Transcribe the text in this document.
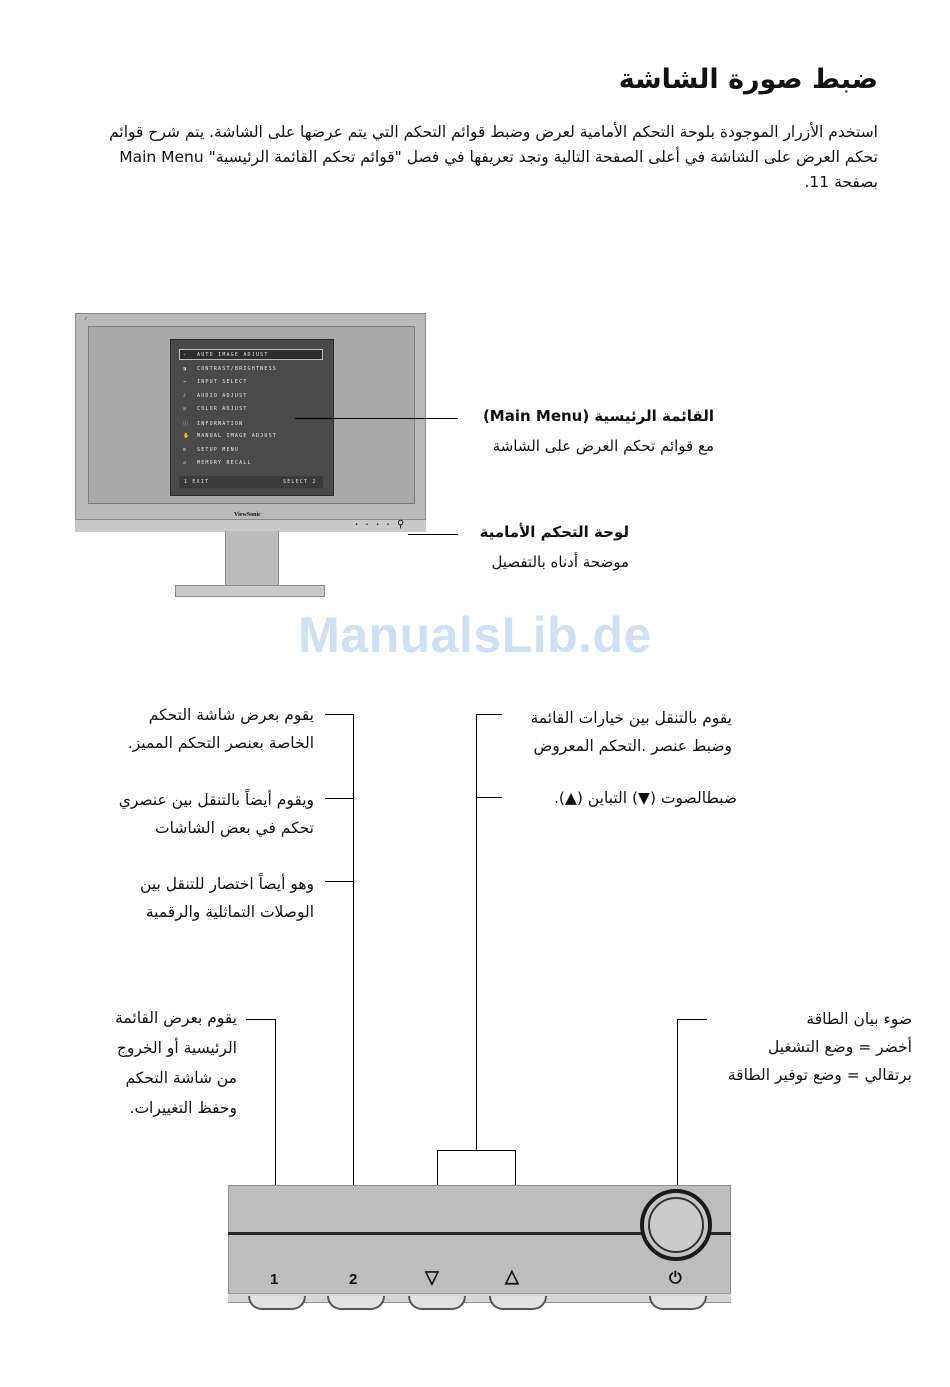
ضبط صورة الشاشة

استخدم الأزرار الموجودة بلوحة التحكم الأمامية لعرض وضبط قوائم التحكم التي يتم عرضها على الشاشة. يتم شرح قوائم

تحكم العرض على الشاشة في أعلى الصفحة التالية وتجد تعريفها في فصل "قوائم تحكم القائمة الرئيسية" Main Menu

بصفحة 11.

✓
✧ AUTO IMAGE ADJUST
◨ CONTRAST/BRIGHTNESS
⇥ INPUT SELECT
♪ AUDIO ADJUST
◎ COLOR ADJUST
ⓘ INFORMATION
✋ MANUAL IMAGE ADJUST
⚙ SETUP MENU
↺ MEMORY RECALL
1 EXIT	SELECT 2
ViewSonic
• • • • ⚲
القائمة الرئيسية (Main Menu)
مع قوائم تحكم العرض على الشاشة
لوحة التحكم الأمامية
موضحة أدناه بالتفصيل
ManualsLib.de
يقوم بالتنقل بين خيارات القائمة
وضبط عنصر .التحكم المعروض
ضبطالصوت (▼) التباين (▲).
يقوم بعرض شاشة التحكم
الخاصة بعنصر التحكم المميز.
ويقوم أيضاً بالتنقل بين عنصري
تحكم في بعض الشاشات
وهو أيضاً اختصار للتنقل بين
الوصلات التماثلية والرقمية
يقوم بعرض القائمة
الرئيسية أو الخروج
من شاشة التحكم
وحفظ التغييرات.
ضوء بيان الطاقة
أخضر = وضع التشغيل
برتقالي = وضع توفير الطاقة
1	2	▽	△	⏻
